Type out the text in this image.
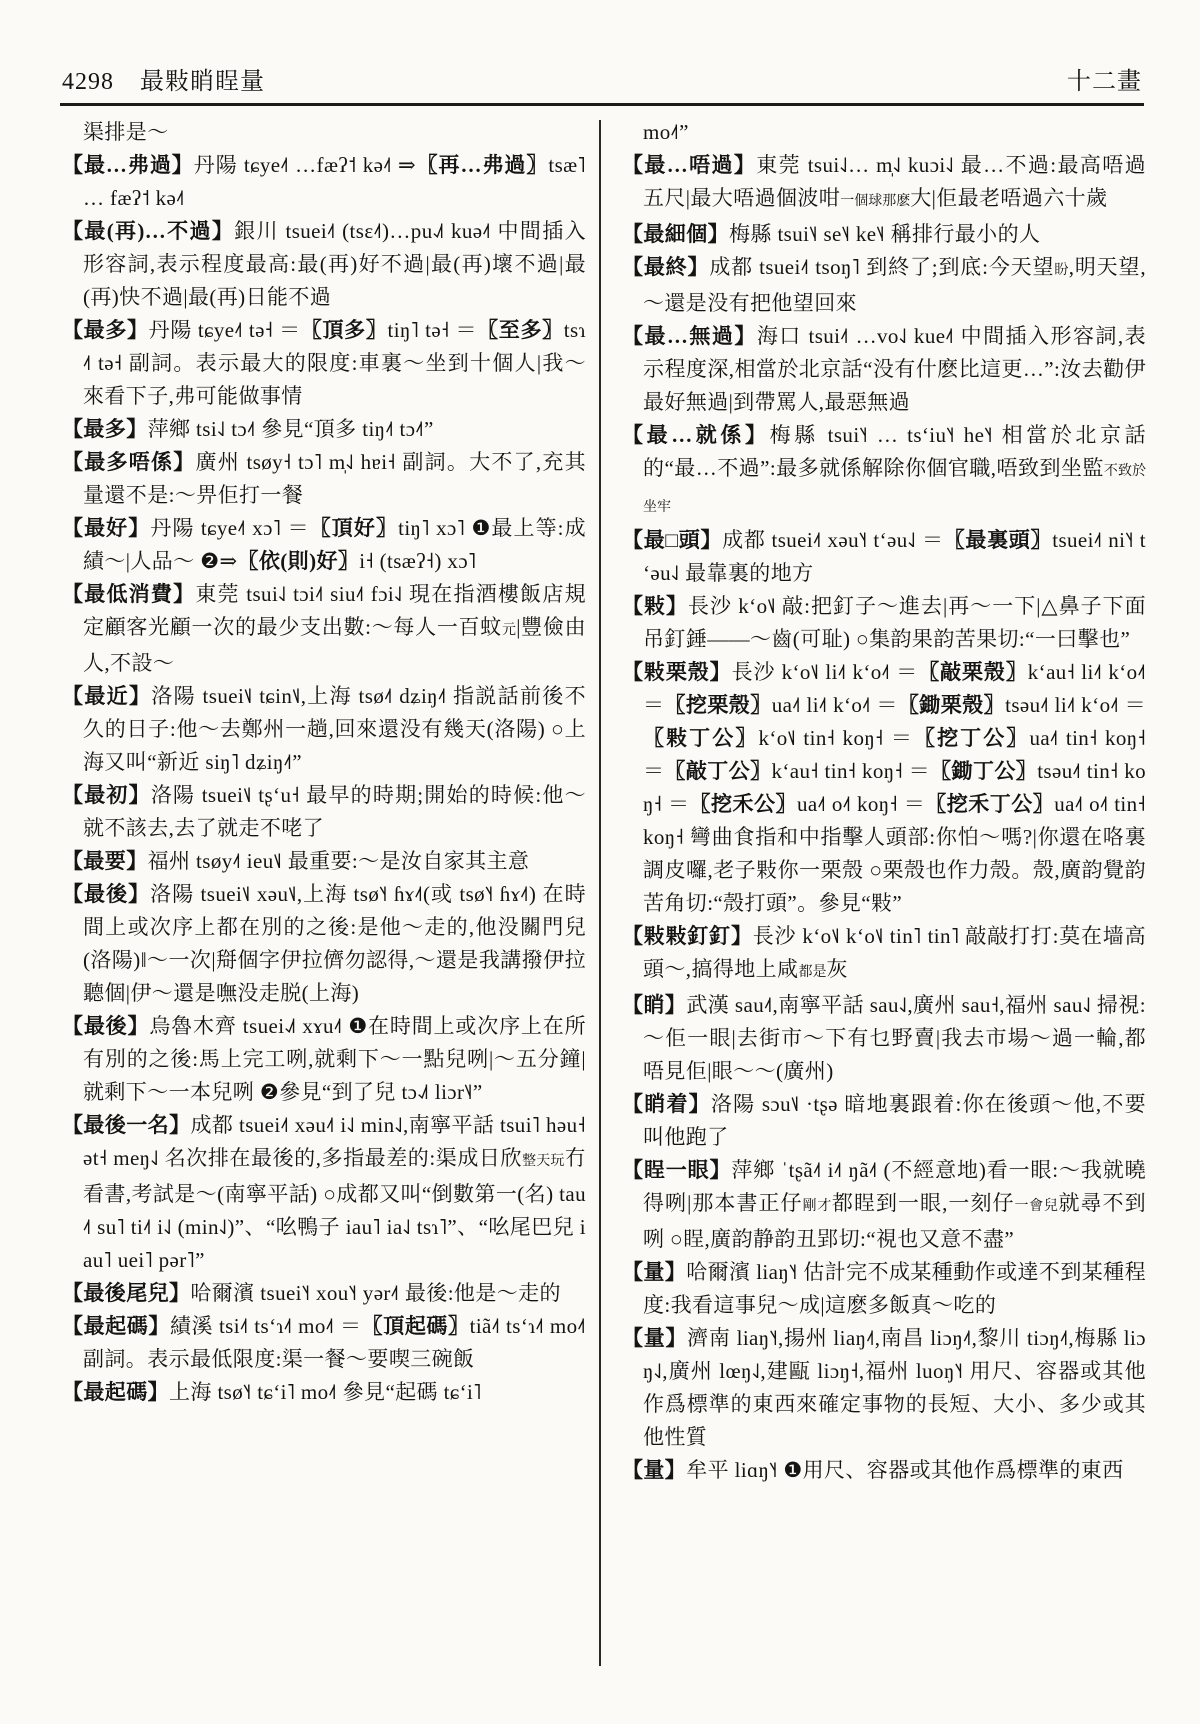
4298 最敤睄睈量	十二畫

渠排是～

【最…弗過】丹陽 tɕye˨˦ …fæʔ˦ kə˨˦ ⇒〖再…弗過〗tsæ˥ … fæʔ˦ kə˨˦

【最(再)…不過】銀川 tsuei˨˦ (tsɛ˨˦)…pu˨˩˦ kuə˨˦ 中間插入形容詞,表示程度最高:最(再)好不過|最(再)壞不過|最(再)快不過|最(再)日能不過

【最多】丹陽 tɕye˨˦ tə˧ ＝〖頂多〗tiŋ˥ tə˧ ＝〖至多〗tsɿ˨˦ tə˧ 副詞。表示最大的限度:車裏～坐到十個人|我～來看下子,弗可能做事情

【最多】萍鄉 tsi˨˩ tɔ˨˦ 參見“頂多 tiŋ˨˦ tɔ˨˦”

【最多唔係】廣州 tsøy˧ tɔ˥ m̩˨˩ hɐi˧ 副詞。大不了,充其量還不是:～畀佢打一餐

【最好】丹陽 tɕye˨˦ xɔ˥ ＝〖頂好〗tiŋ˥ xɔ˥ ❶最上等:成績～|人品～ ❷⇒〖依(則)好〗i˧ (tsæʔ˧) xɔ˥

【最低消費】東莞 tsui˨˩ tɔi˨˦ siu˨˦ fɔi˨˩ 現在指酒樓飯店規定顧客光顧一次的最少支出數:～每人一百蚊元|豐儉由人,不設～

【最近】洛陽 tsuei˦˩ tɕin˦˩,上海 tsø˨˦ dʑiŋ˨˦ 指説話前後不久的日子:他～去鄭州一趟,回來還没有幾天(洛陽) ○上海又叫“新近 siŋ˥ dʑiŋ˨˦”

【最初】洛陽 tsuei˦˩ tʂʻu˧ 最早的時期;開始的時候:他～就不該去,去了就走不咾了

【最要】福州 tsøy˨˦ ieu˦˩ 最重要:～是汝自家其主意

【最後】洛陽 tsuei˦˩ xəu˦˩,上海 tsø˥˧ ɦɤ˨˦(或 tsø˥˧ ɦɤ˨˦) 在時間上或次序上都在別的之後:是他～走的,他没關門兒(洛陽)‖～一次|搿個字伊拉儕勿認得,～還是我講撥伊拉聽個|伊～還是嘸没走脱(上海)

【最後】烏魯木齊 tsuei˨˩˦ xɤu˨˦ ❶在時間上或次序上在所有別的之後:馬上完工咧,就剩下～一點兒咧|～五分鐘|就剩下～一本兒咧 ❷參見“到了兒 tɔ˨˩˦ liɔr˥˨”

【最後一名】成都 tsuei˨˦ xəu˨˦ i˨˩ min˨˩,南寧平話 tsui˥ həu˧ ət˧ meŋ˨˩ 名次排在最後的,多指最差的:渠成日欣整天玩冇看書,考試是～(南寧平話) ○成都又叫“倒數第一(名) tau˨˦ su˥ ti˨˦ i˨˩ (min˨˩)”、“吆鴨子 iau˥ ia˨˩ tsɿ˥”、“吆尾巴兒 iau˥ uei˥ pər˥”

【最後尾兒】哈爾濱 tsuei˥˧ xou˥˧ yər˨˦ 最後:他是～走的

【最起碼】績溪 tsi˨˦ tsʻɿ˨˦ mo˨˦ ＝〖頂起碼〗tiã˨˦ tsʻɿ˨˦ mo˨˦ 副詞。表示最低限度:渠一餐～要喫三碗飯

【最起碼】上海 tsø˥˧ tɕʻi˥ mo˨˦ 參見“起碼 tɕʻi˥

mo˨˦”

【最…唔過】東莞 tsui˨˩… m̩˨˩ kuɔi˨˩ 最…不過:最高唔過五尺|最大唔過個波咁一個球那麽大|佢最老唔過六十歲

【最細個】梅縣 tsui˥˨ se˥˨ ke˥˨ 稱排行最小的人

【最終】成都 tsuei˨˦ tsoŋ˥ 到終了;到底:今天望盼,明天望,～還是没有把他望回來

【最…無過】海口 tsui˨˦ …vo˨˩ kue˨˦ 中間插入形容詞,表示程度深,相當於北京話“没有什麽比這更…”:汝去勸伊最好無過|到帶罵人,最惡無過

【最…就係】梅縣 tsui˥˧ … tsʻiu˥˧ he˥˧ 相當於北京話的“最…不過”:最多就係解除你個官職,唔致到坐監不致於坐牢

【最□頭】成都 tsuei˨˦ xəu˥˧ tʻəu˨˩ ＝〖最裏頭〗tsuei˨˦ ni˥˧ tʻəu˨˩ 最靠裏的地方

【敤】長沙 kʻo˦˩ 敲:把釘子～進去|再～一下|△鼻子下面吊釘錘——～齒(可耻) ○集韵果韵苦果切:“一曰擊也”

【敤栗殼】長沙 kʻo˦˩ li˨˦ kʻo˨˦ ＝〖敲栗殼〗kʻau˧ li˨˦ kʻo˨˦ ＝〖挖栗殼〗ua˨˦ li˨˦ kʻo˨˦ ＝〖鋤栗殼〗tsəu˨˦ li˨˦ kʻo˨˦ ＝〖敤丁公〗kʻo˦˩ tin˧ koŋ˧ ＝〖挖丁公〗ua˨˦ tin˧ koŋ˧ ＝〖敲丁公〗kʻau˧ tin˧ koŋ˧ ＝〖鋤丁公〗tsəu˨˦ tin˧ koŋ˧ ＝〖挖禾公〗ua˨˦ o˨˦ koŋ˧ ＝〖挖禾丁公〗ua˨˦ o˨˦ tin˧ koŋ˧ 彎曲食指和中指擊人頭部:你怕～嗎?|你還在咯裏調皮囉,老子敤你一栗殼 ○栗殼也作力殼。殼,廣韵覺韵苦角切:“殼打頭”。參見“敤”

【敤敤釘釘】長沙 kʻo˦˩ kʻo˦˩ tin˥ tin˥ 敲敲打打:莫在墙高頭～,搞得地上咸都是灰

【睄】武漢 sau˨˦,南寧平話 sau˨˩,廣州 sau˧,福州 sau˨˩ 掃視:～佢一眼|去街市～下有乜野賣|我去市場～過一輪,都唔見佢|眼～～(廣州)

【睄着】洛陽 sɔu˦˩ ·tʂə 暗地裏跟着:你在後頭～他,不要叫他跑了

【睈一眼】萍鄉 ˈtʂã˨˦ i˨˦ ŋã˨˦ (不經意地)看一眼:～我就曉得咧|那本書正仔剛才都睈到一眼,一刻仔一會兒就尋不到咧 ○睈,廣韵静韵丑郢切:“視也又意不盡”

【量】哈爾濱 liaŋ˥˧ 估計完不成某種動作或達不到某種程度:我看這事兒～成|這麽多飯真～吃的

【量】濟南 liaŋ˥˧,揚州 liaŋ˨˦,南昌 liɔŋ˨˦,黎川 tiɔŋ˨˦,梅縣 liɔŋ˨˩,廣州 lœŋ˨˩,建甌 liɔŋ˧,福州 luoŋ˥˧ 用尺、容器或其他作爲標準的東西來確定事物的長短、大小、多少或其他性質

【量】牟平 liɑŋ˥˧ ❶用尺、容器或其他作爲標準的東西
